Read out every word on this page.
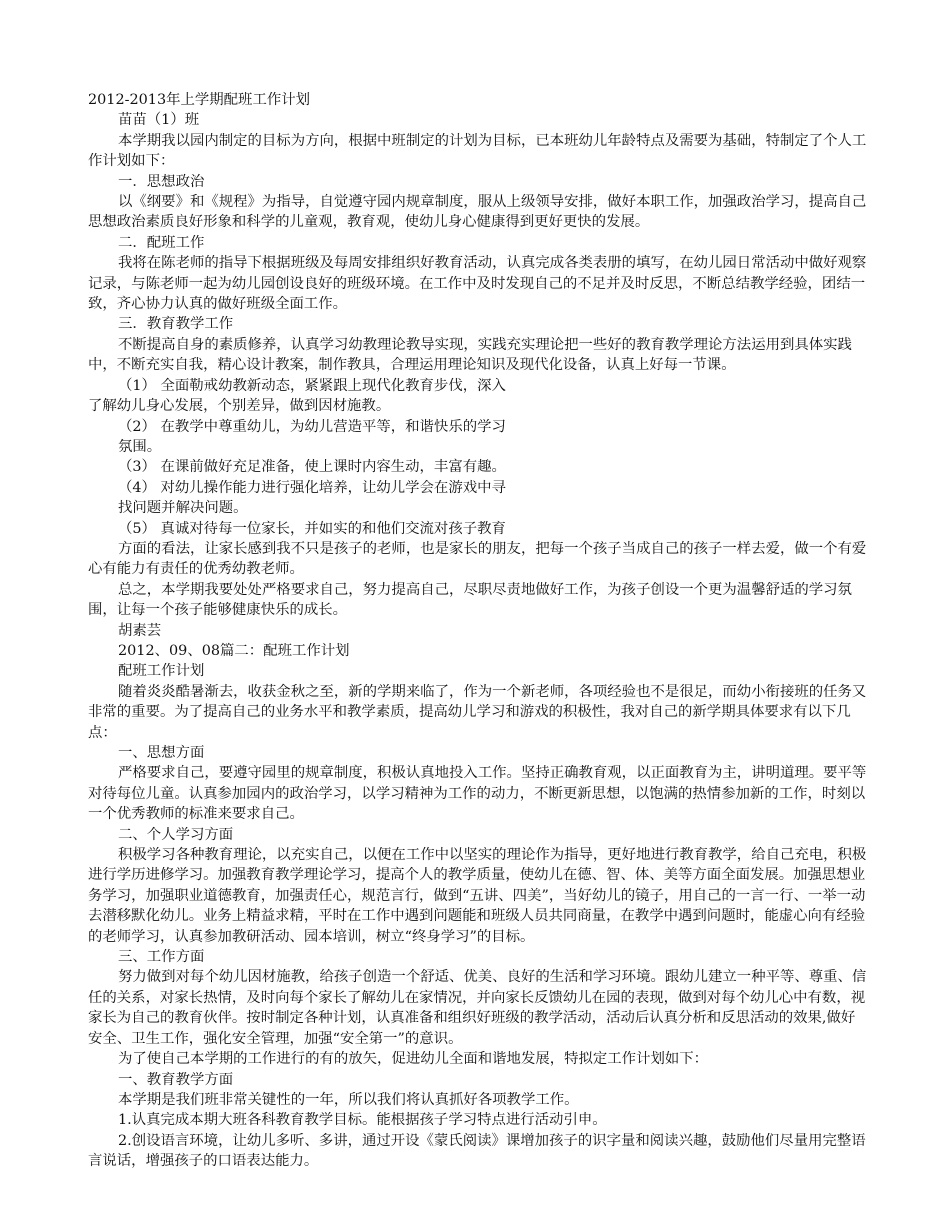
2012-2013年上学期配班工作计划

苗苗（1）班

本学期我以园内制定的目标为方向，根据中班制定的计划为目标，已本班幼儿年龄特点及需要为基础，特制定了个人工作计划如下：

一．思想政治

以《纲要》和《规程》为指导，自觉遵守园内规章制度，服从上级领导安排，做好本职工作，加强政治学习，提高自己思想政治素质良好形象和科学的儿童观，教育观，使幼儿身心健康得到更好更快的发展。

二．配班工作

我将在陈老师的指导下根据班级及每周安排组织好教育活动，认真完成各类表册的填写，在幼儿园日常活动中做好观察记录，与陈老师一起为幼儿园创设良好的班级环境。在工作中及时发现自己的不足并及时反思，不断总结教学经验，团结一致，齐心协力认真的做好班级全面工作。

三．教育教学工作

不断提高自身的素质修养，认真学习幼教理论教导实现，实践充实理论把一些好的教育教学理论方法运用到具体实践中，不断充实自我，精心设计教案，制作教具，合理运用理论知识及现代化设备，认真上好每一节课。

（1） 全面勒戒幼教新动态，紧紧跟上现代化教育步伐，深入

了解幼儿身心发展，个别差异，做到因材施教。

（2） 在教学中尊重幼儿，为幼儿营造平等，和谐快乐的学习

氛围。

（3） 在课前做好充足准备，使上课时内容生动，丰富有趣。

（4） 对幼儿操作能力进行强化培养，让幼儿学会在游戏中寻

找问题并解决问题。

（5） 真诚对待每一位家长，并如实的和他们交流对孩子教育

方面的看法，让家长感到我不只是孩子的老师，也是家长的朋友，把每一个孩子当成自己的孩子一样去爱，做一个有爱心有能力有责任的优秀幼教老师。

总之，本学期我要处处严格要求自己，努力提高自己，尽职尽责地做好工作，为孩子创设一个更为温馨舒适的学习氛围，让每一个孩子能够健康快乐的成长。

胡素芸

2012、09、08篇二：配班工作计划

配班工作计划

随着炎炎酷暑渐去，收获金秋之至，新的学期来临了，作为一个新老师，各项经验也不是很足，而幼小衔接班的任务又非常的重要。为了提高自己的业务水平和教学素质，提高幼儿学习和游戏的积极性，我对自己的新学期具体要求有以下几点：

一、思想方面

严格要求自己，要遵守园里的规章制度，积极认真地投入工作。坚持正确教育观，以正面教育为主，讲明道理。要平等对待每位儿童。认真参加园内的政治学习，以学习精神为工作的动力，不断更新思想，以饱满的热情参加新的工作，时刻以一个优秀教师的标准来要求自己。

二、个人学习方面

积极学习各种教育理论，以充实自己，以便在工作中以坚实的理论作为指导，更好地进行教育教学，给自己充电，积极进行学历进修学习。加强教育教学理论学习，提高个人的教学质量，使幼儿在德、智、体、美等方面全面发展。加强思想业务学习，加强职业道德教育，加强责任心，规范言行，做到“五讲、四美”，当好幼儿的镜子，用自己的一言一行、一举一动去潜移默化幼儿。业务上精益求精，平时在工作中遇到问题能和班级人员共同商量，在教学中遇到问题时，能虚心向有经验的老师学习，认真参加教研活动、园本培训，树立“终身学习”的目标。

三、工作方面

努力做到对每个幼儿因材施教，给孩子创造一个舒适、优美、良好的生活和学习环境。跟幼儿建立一种平等、尊重、信任的关系，对家长热情，及时向每个家长了解幼儿在家情况，并向家长反馈幼儿在园的表现，做到对每个幼儿心中有数，视家长为自己的教育伙伴。按时制定各种计划，认真准备和组织好班级的教学活动，活动后认真分析和反思活动的效果,做好安全、卫生工作，强化安全管理，加强“安全第一”的意识。

为了使自己本学期的工作进行的有的放矢，促进幼儿全面和谐地发展，特拟定工作计划如下：

一、教育教学方面

本学期是我们班非常关键性的一年，所以我们将认真抓好各项教学工作。

1.认真完成本期大班各科教育教学目标。能根据孩子学习特点进行活动引申。

2.创设语言环境，让幼儿多听、多讲，通过开设《蒙氏阅读》课增加孩子的识字量和阅读兴趣，鼓励他们尽量用完整语言说话，增强孩子的口语表达能力。
